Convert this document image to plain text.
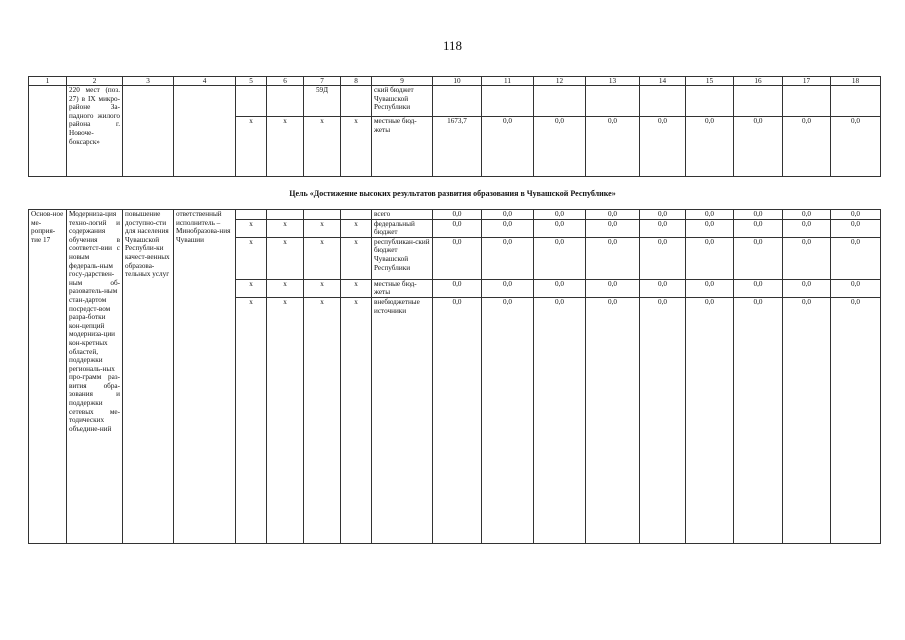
118
1	2	3	4	5	6	7	8	9	10	11	12	13	14	15	16	17	18
	220 мест (поз. 27) в IX микро-районе За-падного жилого района г. Новоче-боксарск»					59Д		ский бюджет Чувашской Республики									
				x	x	x	x	местные бюд-жеты	1673,7	0,0	0,0	0,0	0,0	0,0	0,0	0,0	0,0
Цель «Достижение высоких результатов развития образования в Чувашской Республике»
Основ-ное ме-роприя-тие 17	Модерниза-ция техно-логий и содержания обучения в соответст-вии с новым федераль-ным госу-дарствен-ным об-разователь-ным стан-дартом посредст-вом разра-ботки кон-цепций модерниза-ции кон-кретных областей, поддержки региональ-ных про-грамм раз-вития обра-зования и поддержки сетевых ме-тодических объедине-ний	повышение доступно-сти для населения Чувашской Республи-ки качест-венных образова-тельных услуг	ответственный исполнитель – Минобразова-ния Чувашии					всего	0,0	0,0	0,0	0,0	0,0	0,0	0,0	0,0	0,0
				x	x	x	x	федеральный бюджет	0,0	0,0	0,0	0,0	0,0	0,0	0,0	0,0	0,0
				x	x	x	x	республикан-ский бюджет Чувашской Республики	0,0	0,0	0,0	0,0	0,0	0,0	0,0	0,0	0,0
				x	x	x	x	местные бюд-жеты	0,0	0,0	0,0	0,0	0,0	0,0	0,0	0,0	0,0
				x	x	x	x	внебюджетные источники	0,0	0,0	0,0	0,0	0,0	0,0	0,0	0,0	0,0
